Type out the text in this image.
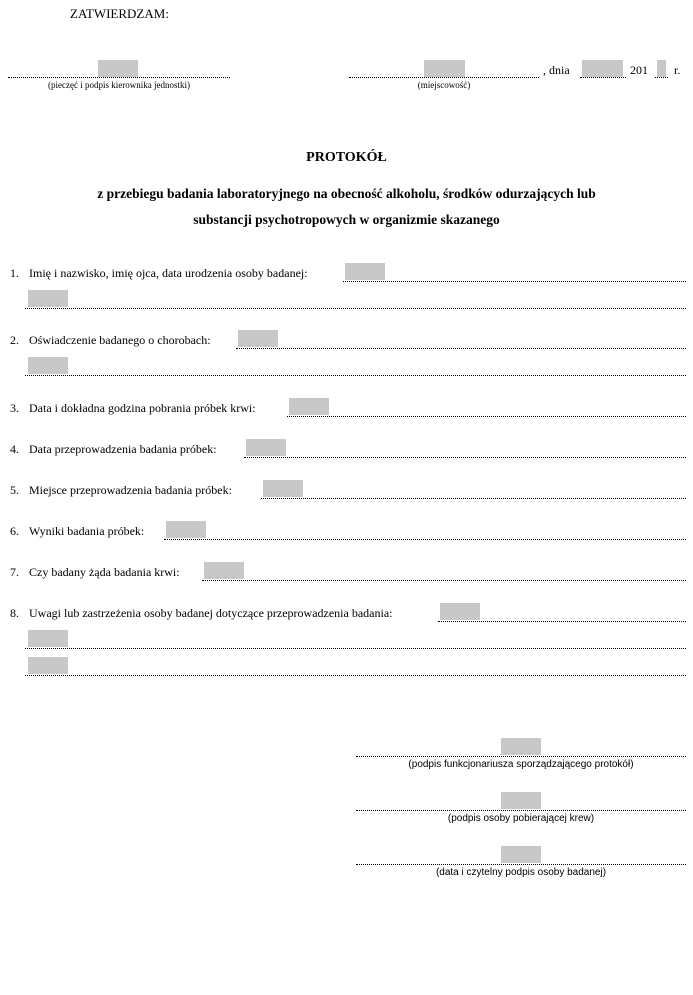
ZATWIERDZAM:
(pieczęć i podpis kierownika jednostki)	(miejscowość)
, dnia	201 r.
PROTOKÓŁ
z przebiegu badania laboratoryjnego na obecność alkoholu, środków odurzających lub
substancji psychotropowych w organizmie skazanego
1. Imię i nazwisko, imię ojca, data urodzenia osoby badanej:
2. Oświadczenie badanego o chorobach:
3. Data i dokładna godzina pobrania próbek krwi:
4. Data przeprowadzenia badania próbek:
5. Miejsce przeprowadzenia badania próbek:
6. Wyniki badania próbek:
7. Czy badany żąda badania krwi:
8. Uwagi lub zastrzeżenia osoby badanej dotyczące przeprowadzenia badania:
(podpis funkcjonariusza sporządzającego protokół)
(podpis osoby pobierającej krew)
(data i czytelny podpis osoby badanej)
